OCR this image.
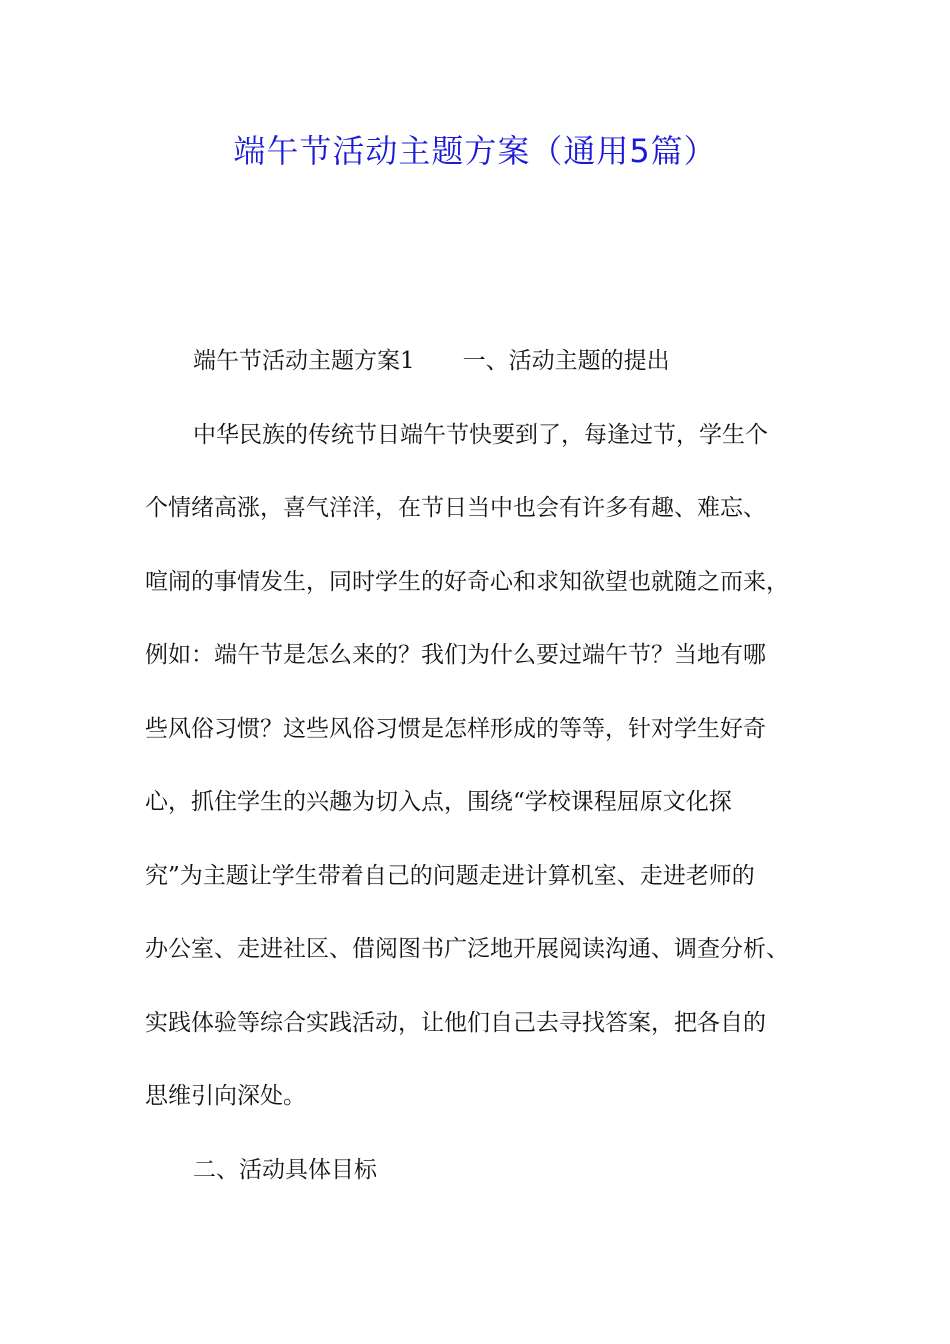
端午节活动主题方案（通用5篇）
端午节活动主题方案1 一、活动主题的提出
中华民族的传统节日端午节快要到了，每逢过节，学生个
个情绪高涨，喜气洋洋，在节日当中也会有许多有趣、难忘、
喧闹的事情发生，同时学生的好奇心和求知欲望也就随之而来，
例如：端午节是怎么来的？我们为什么要过端午节？当地有哪
些风俗习惯？这些风俗习惯是怎样形成的等等，针对学生好奇
心，抓住学生的兴趣为切入点，围绕“学校课程屈原文化探
究”为主题让学生带着自己的问题走进计算机室、走进老师的
办公室、走进社区、借阅图书广泛地开展阅读沟通、调查分析、
实践体验等综合实践活动，让他们自己去寻找答案，把各自的
思维引向深处。
二、活动具体目标
